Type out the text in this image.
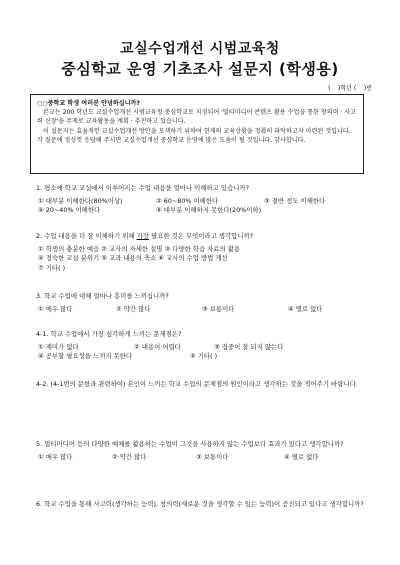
교실수업개선 시범교육청
중심학교 운영 기초조사 설문지 (학생용)
(    )학년 (    )반

○○중학교 학생 여러분 안녕하십니까?

본교는 200 학년도 교실수업개선 시범교육청 중심학교로 지정되어 '멀티미디어 콘텐츠 활용 수업을 통한 창의력 · 사고력 신장'을 주제로 교육활동을 계획 · 추진하고 있습니다.

이 설문지는 효율적인 교실수업개선 방안을 모색하기 위하여 현재의 교육상황을 정확히 파악하고자 마련된 것입니다. 각 질문에 정성껏 응답해 주시면 교실수업개선 중심학교 운영에 많은 도움이 될 것입니다. 감사합니다.

1. 평소에 학교 교실에서 이루어지는 수업 내용을 얼마나 이해하고 있습니까?

① 대부분 이해한다(80%이상)	② 60~80% 이해한다	③ 절반 정도 이해한다
④ 20~40% 이해한다	⑤ 대부분 이해하지 못한다(20%이하)

2. 수업 내용을 더 잘 이해하기 위해 가장 필요한 것은 무엇이라고 생각합니까?

① 학생의 충분한 예습 ② 교사의 자세한 설명 ③ 다양한 학습 자료의 활용
④ 정숙한 교실 분위기 ⑤ 교과 내용의 축소 ⑥ 교사의 수업 방법 개선
⑦ 기타( )

3. 학교 수업에 대해 얼마나 흥미를 느끼십니까?

① 매우 많다	② 약간 많다	③ 보통이다	④ 별로 없다

4-1. 학교 수업에서 가장 심각하게 느끼는 문제점은?

① 재미가 없다	② 내용이 어렵다	③ 집중이 잘 되지 않는다
④ 공부할 필요성을 느끼지 못한다	⑤ 기타( )

4-2. (4-1번의 문항과 관련하여) 본인이 느끼는 학교 수업의 문제점의 원인이라고 생각하는 것을 적어주기 바랍니다.

5. 멀티미디어 등의 다양한 매체를 활용하는 수업이 그것을 사용하지 않는 수업보다 효과가 있다고 생각합니까?

① 매우 많다	② 약간 많다	③ 보통이다	④ 별로 없다

6. 학교 수업을 통해 사고력(생각하는 능력), 창의력(새로운 것을 생각할 수 있는 능력)이 증진되고 있다고 생각합니까?
